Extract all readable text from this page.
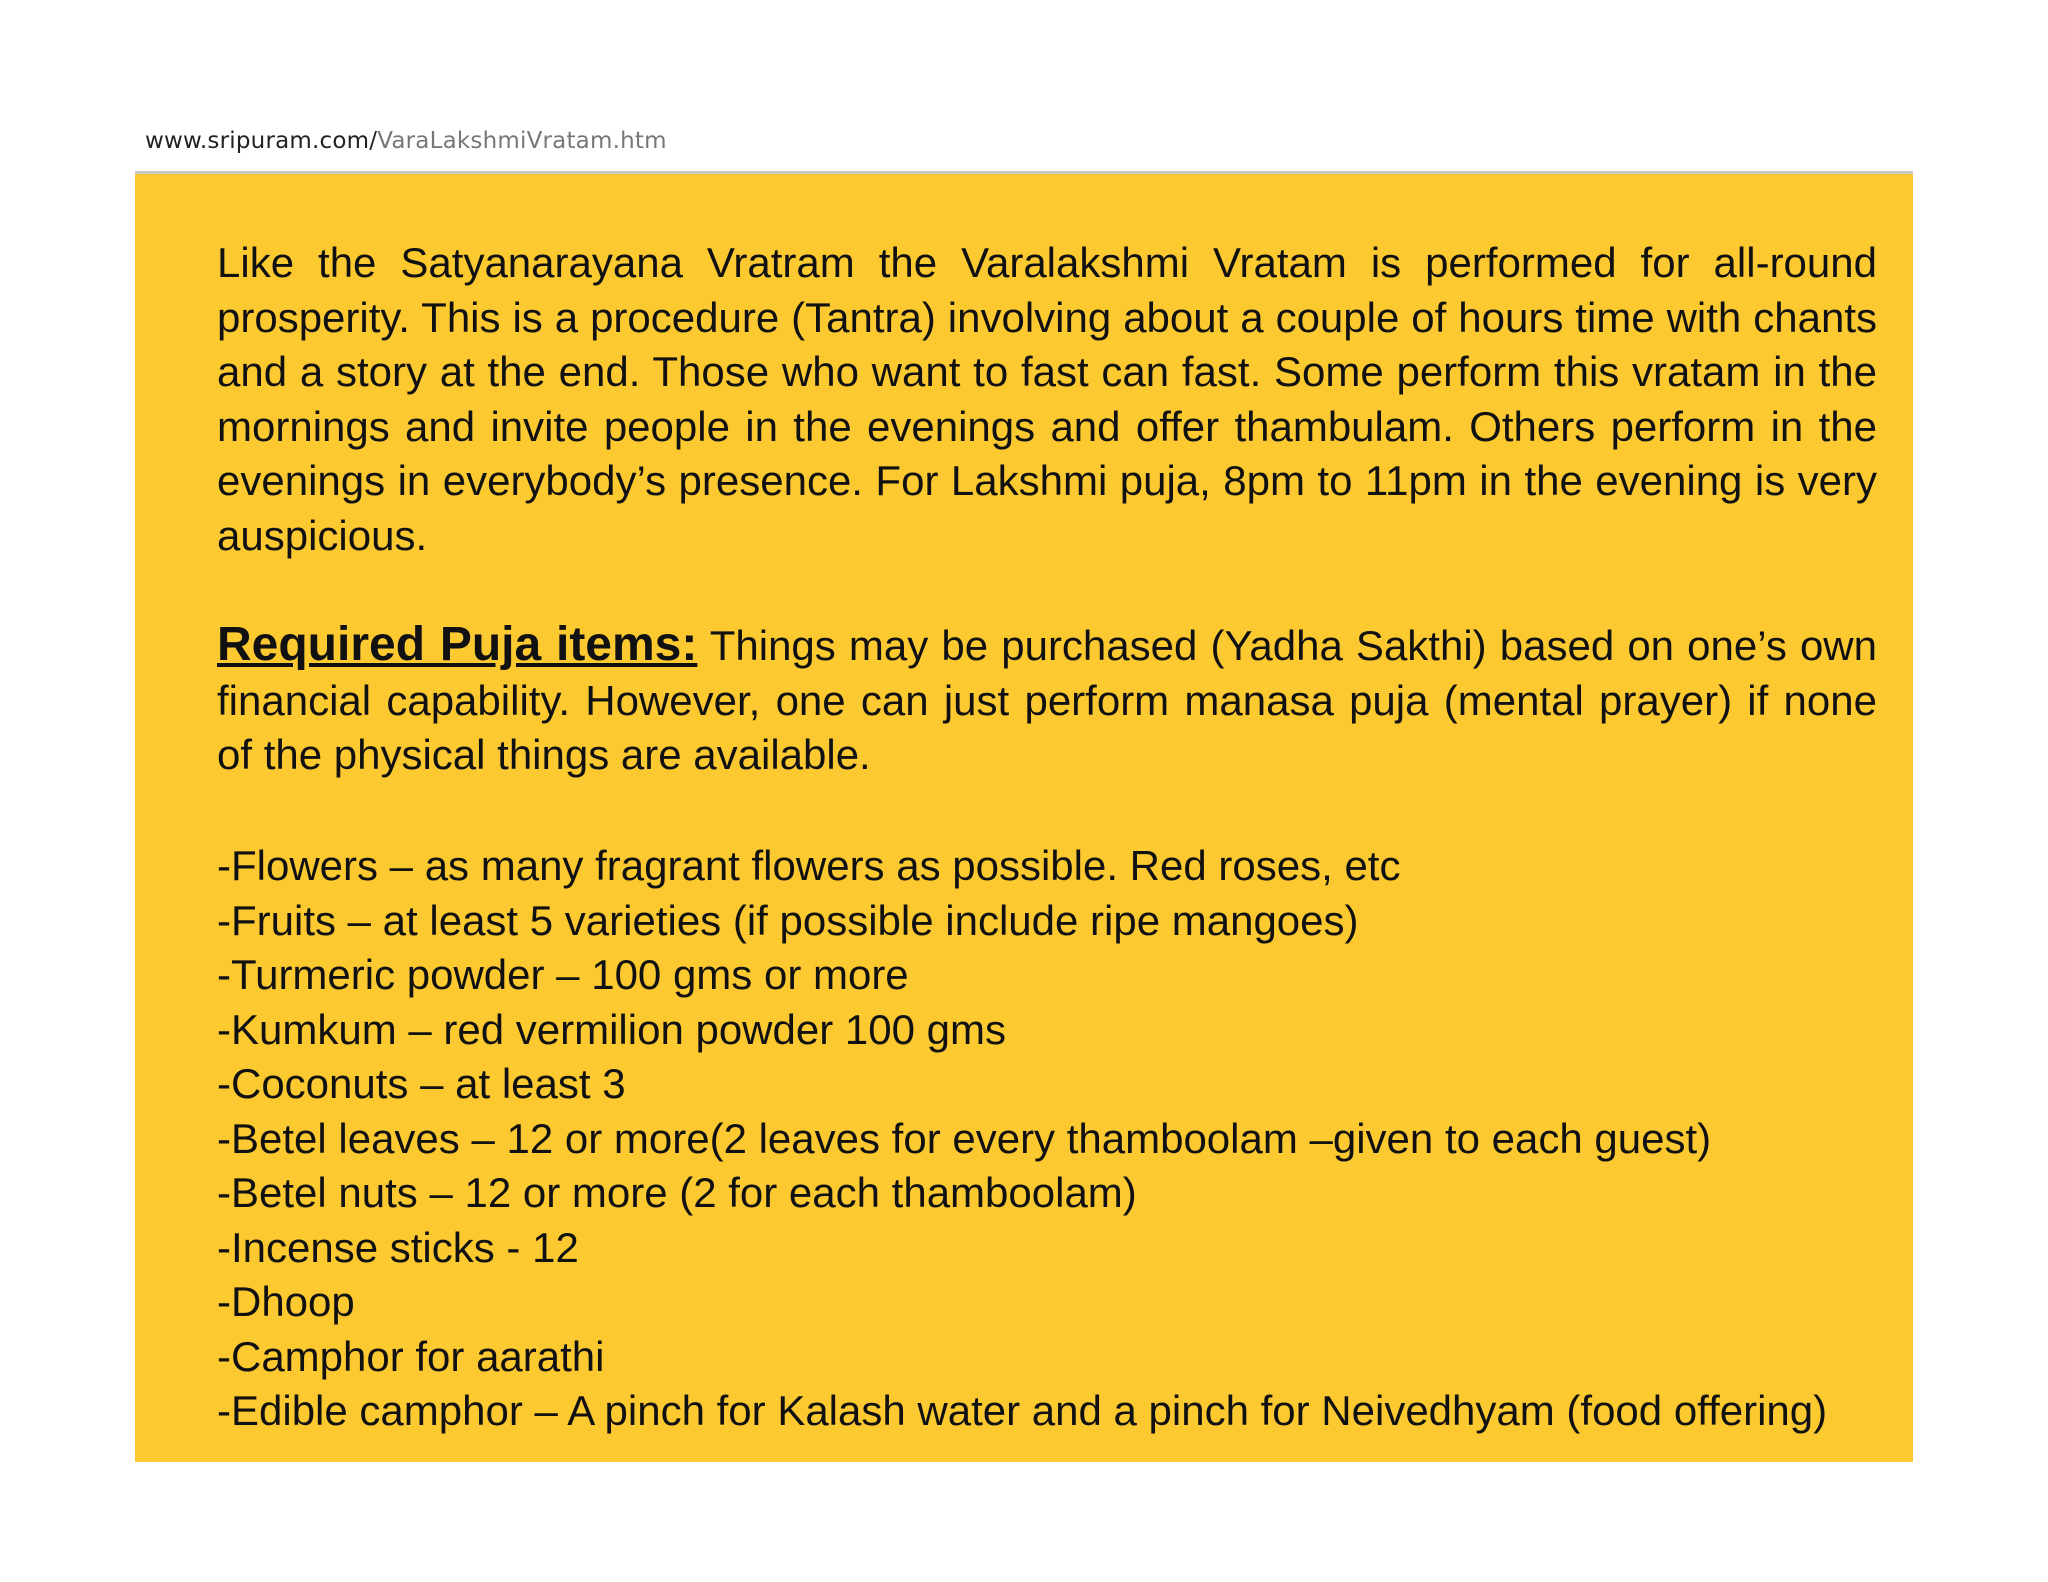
www.sripuram.com/VaraLakshmiVratam.htm
Like the Satyanarayana Vratram the Varalakshmi Vratam is performed for all-round prosperity. This is a procedure (Tantra) involving about a couple of hours time with chants and a story at the end. Those who want to fast can fast. Some perform this vratam in the mornings and invite people in the evenings and offer thambulam. Others perform in the evenings in everybody’s presence. For Lakshmi puja, 8pm to 11pm in the evening is very auspicious.
Required Puja items: Things may be purchased (Yadha Sakthi) based on one’s own financial capability. However, one can just perform manasa puja (mental prayer) if none of the physical things are available.
-Flowers – as many fragrant flowers as possible. Red roses, etc
-Fruits – at least 5 varieties (if possible include ripe mangoes)
-Turmeric powder – 100 gms or more
-Kumkum – red vermilion powder 100 gms
-Coconuts – at least 3
-Betel leaves – 12 or more(2 leaves for every thamboolam –given to each guest)
-Betel nuts – 12 or more (2 for each thamboolam)
-Incense sticks - 12
-Dhoop
-Camphor for aarathi
-Edible camphor – A pinch for Kalash water and a pinch for Neivedhyam (food offering)
